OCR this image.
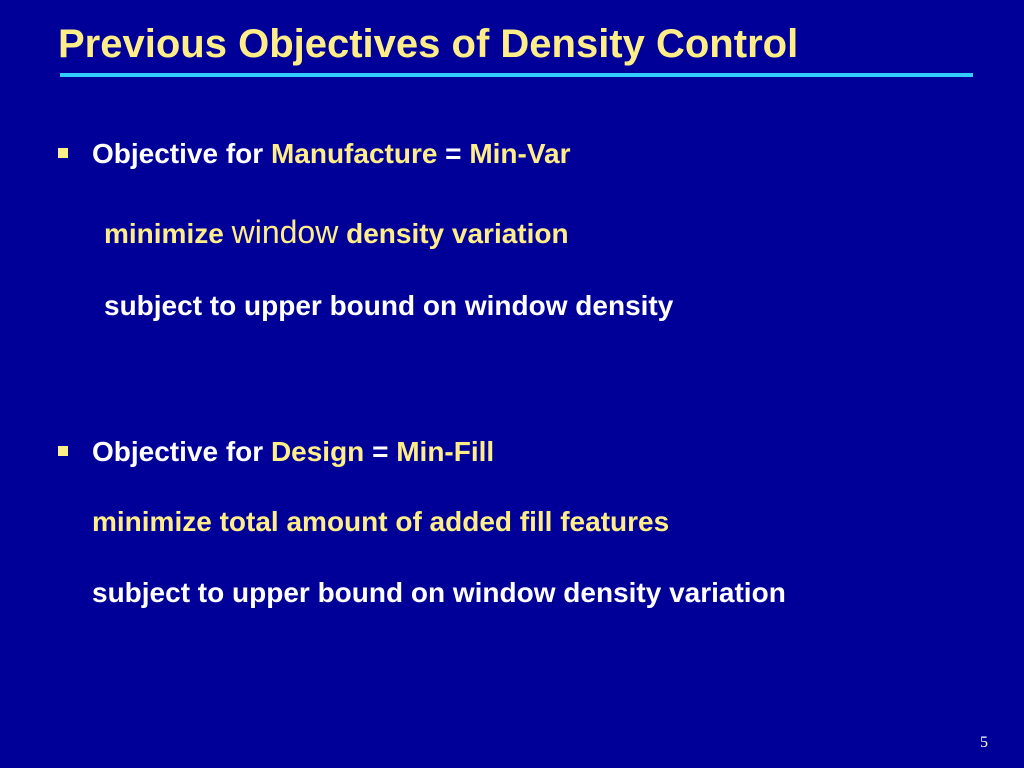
Previous Objectives of Density Control
Objective for Manufacture = Min-Var
minimize window density variation
subject to upper bound on window density
Objective for Design = Min-Fill
minimize total amount of added fill features
subject to upper bound on window density variation
5
